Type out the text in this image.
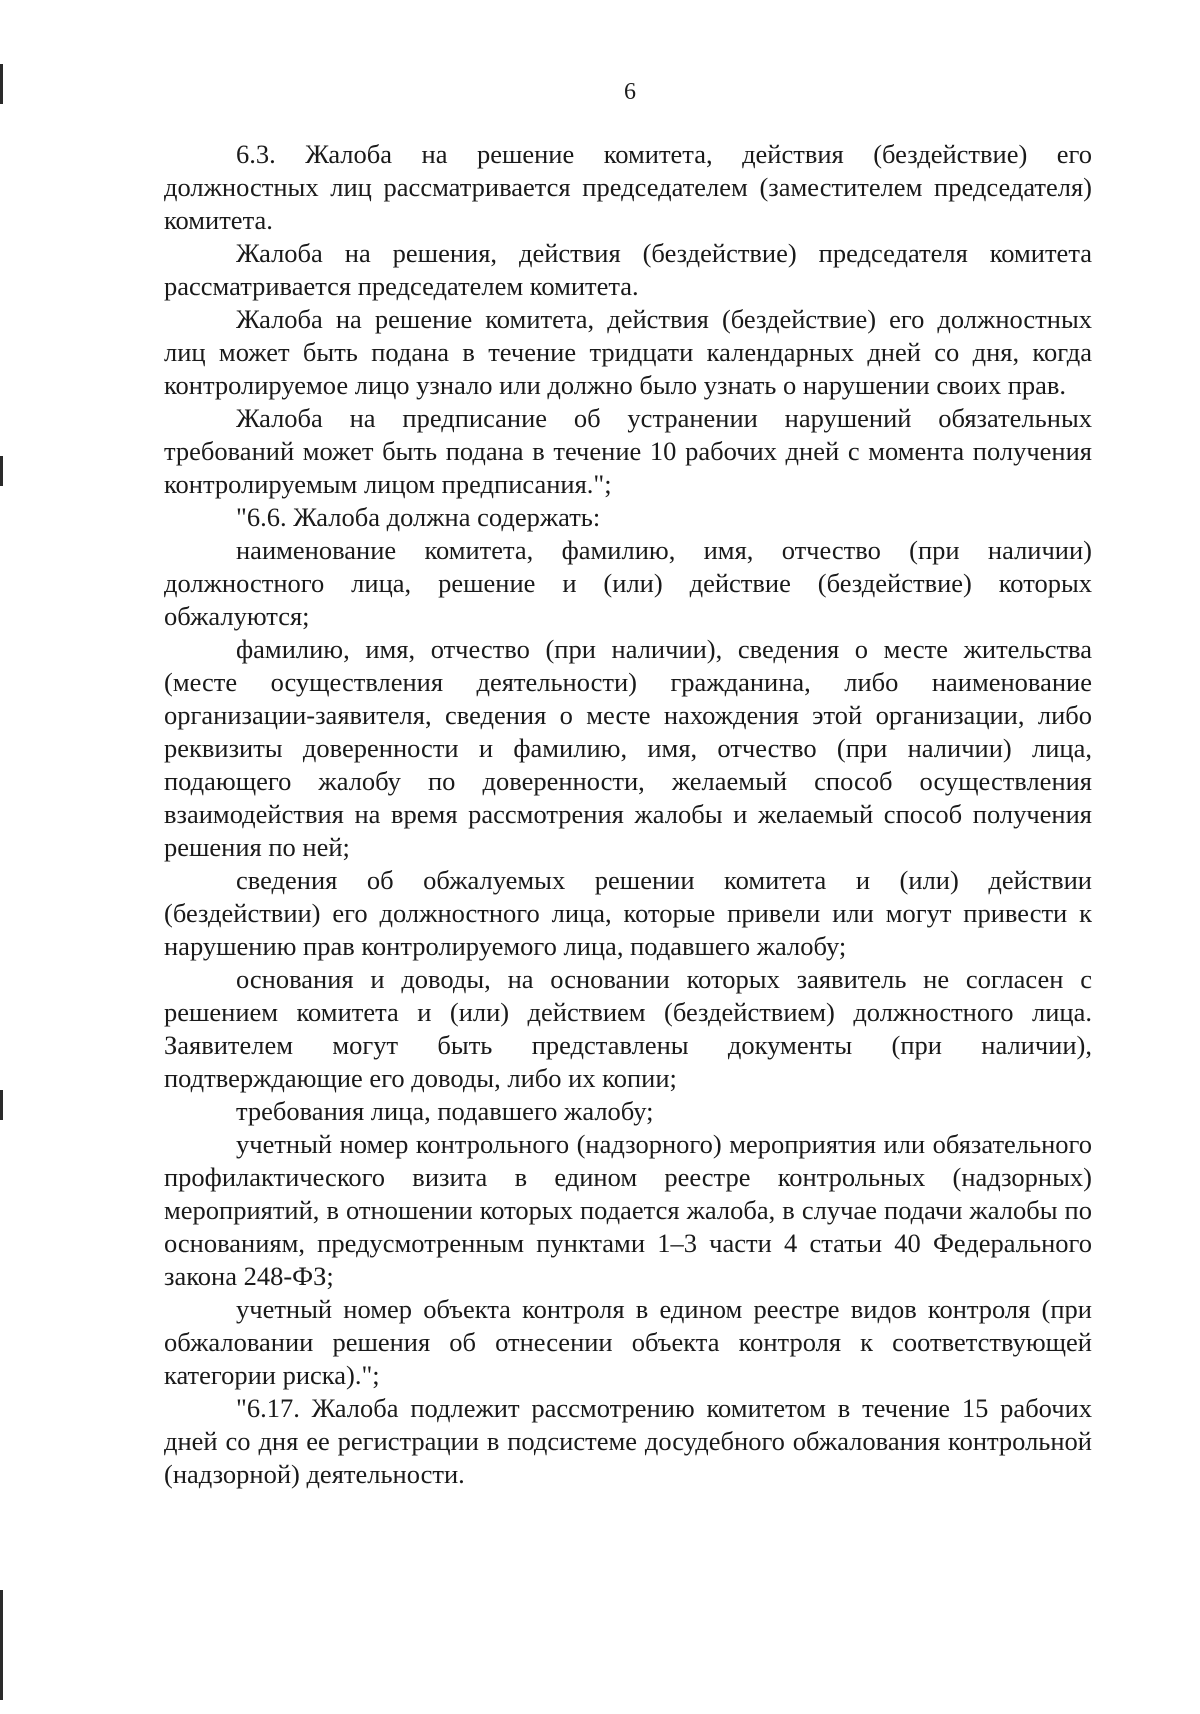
6

6.3. Жалоба на решение комитета, действия (бездействие) его должностных лиц рассматривается председателем (заместителем председателя) комитета.

Жалоба на решения, действия (бездействие) председателя комитета рассматривается председателем комитета.

Жалоба на решение комитета, действия (бездействие) его должностных лиц может быть подана в течение тридцати календарных дней со дня, когда контролируемое лицо узнало или должно было узнать о нарушении своих прав.

Жалоба на предписание об устранении нарушений обязательных требований может быть подана в течение 10 рабочих дней с момента получения контролируемым лицом предписания.";

"6.6. Жалоба должна содержать:

наименование комитета, фамилию, имя, отчество (при наличии) должностного лица, решение и (или) действие (бездействие) которых обжалуются;

фамилию, имя, отчество (при наличии), сведения о месте жительства (месте осуществления деятельности) гражданина, либо наименование организации-заявителя, сведения о месте нахождения этой организации, либо реквизиты доверенности и фамилию, имя, отчество (при наличии) лица, подающего жалобу по доверенности, желаемый способ осуществления взаимодействия на время рассмотрения жалобы и желаемый способ получения решения по ней;

сведения об обжалуемых решении комитета и (или) действии (бездействии) его должностного лица, которые привели или могут привести к нарушению прав контролируемого лица, подавшего жалобу;

основания и доводы, на основании которых заявитель не согласен с решением комитета и (или) действием (бездействием) должностного лица. Заявителем могут быть представлены документы (при наличии), подтверждающие его доводы, либо их копии;

требования лица, подавшего жалобу;

учетный номер контрольного (надзорного) мероприятия или обязательного профилактического визита в едином реестре контрольных (надзорных) мероприятий, в отношении которых подается жалоба, в случае подачи жалобы по основаниям, предусмотренным пунктами 1–3 части 4 статьи 40 Федерального закона 248-ФЗ;

учетный номер объекта контроля в едином реестре видов контроля (при обжаловании решения об отнесении объекта контроля к соответствующей категории риска).";

"6.17. Жалоба подлежит рассмотрению комитетом в течение 15 рабочих дней со дня ее регистрации в подсистеме досудебного обжалования контрольной (надзорной) деятельности.
